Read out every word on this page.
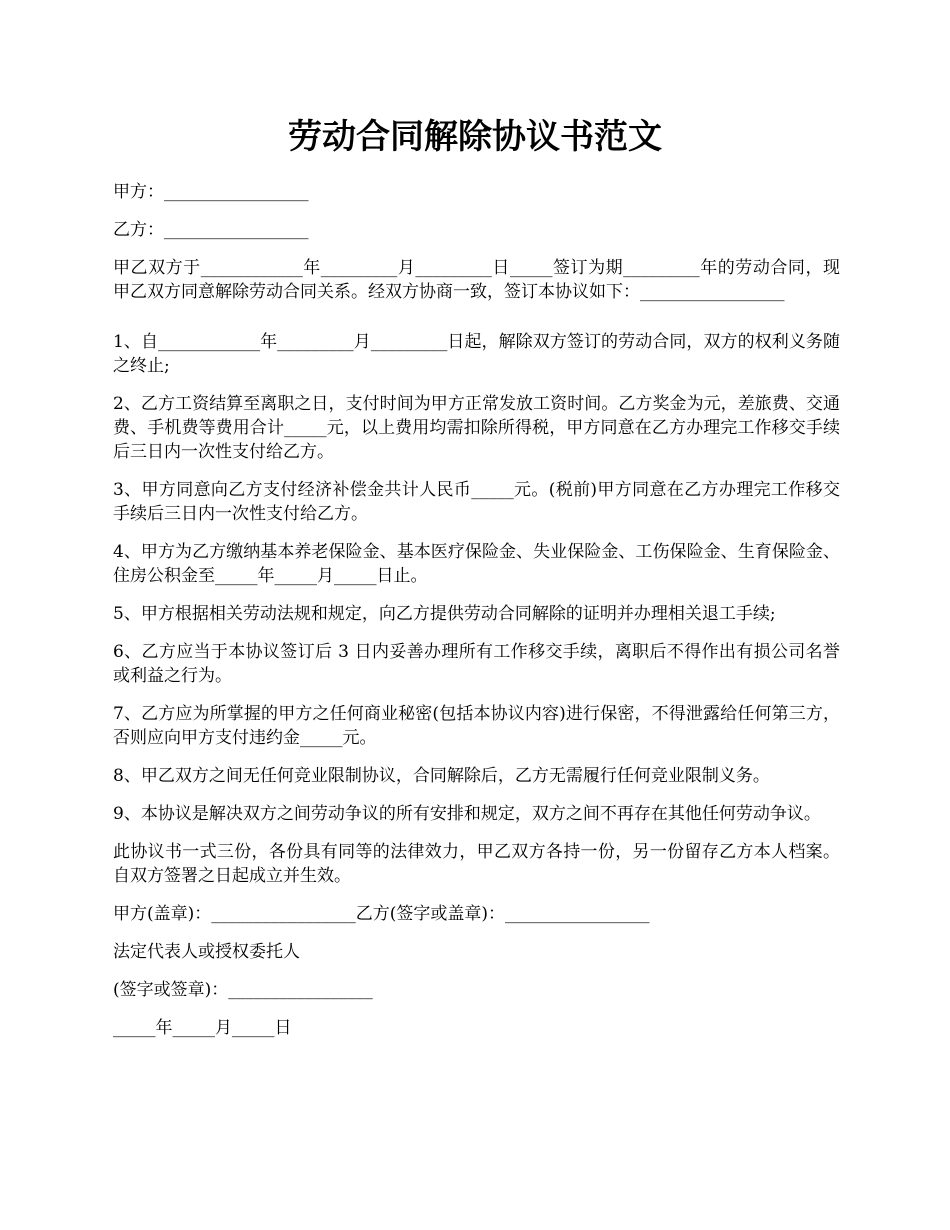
劳动合同解除协议书范文

甲方：_________________

乙方：_________________

甲乙双方于____________年_________月_________日_____签订为期_________年的劳动合同，现甲乙双方同意解除劳动合同关系。经双方协商一致，签订本协议如下：_________________

1、自____________年_________月_________日起，解除双方签订的劳动合同，双方的权利义务随之终止;

2、乙方工资结算至离职之日，支付时间为甲方正常发放工资时间。乙方奖金为元，差旅费、交通费、手机费等费用合计_____元，以上费用均需扣除所得税，甲方同意在乙方办理完工作移交手续后三日内一次性支付给乙方。

3、甲方同意向乙方支付经济补偿金共计人民币_____元。(税前)甲方同意在乙方办理完工作移交手续后三日内一次性支付给乙方。

4、甲方为乙方缴纳基本养老保险金、基本医疗保险金、失业保险金、工伤保险金、生育保险金、住房公积金至_____年_____月_____日止。

5、甲方根据相关劳动法规和规定，向乙方提供劳动合同解除的证明并办理相关退工手续;

6、乙方应当于本协议签订后 3 日内妥善办理所有工作移交手续，离职后不得作出有损公司名誉或利益之行为。

7、乙方应为所掌握的甲方之任何商业秘密(包括本协议内容)进行保密，不得泄露给任何第三方，否则应向甲方支付违约金_____元。

8、甲乙双方之间无任何竞业限制协议，合同解除后，乙方无需履行任何竞业限制义务。

9、本协议是解决双方之间劳动争议的所有安排和规定，双方之间不再存在其他任何劳动争议。

此协议书一式三份，各份具有同等的法律效力，甲乙双方各持一份，另一份留存乙方本人档案。自双方签署之日起成立并生效。

甲方(盖章)：_________________乙方(签字或盖章)：_________________

法定代表人或授权委托人

(签字或签章)：_________________

_____年_____月_____日
